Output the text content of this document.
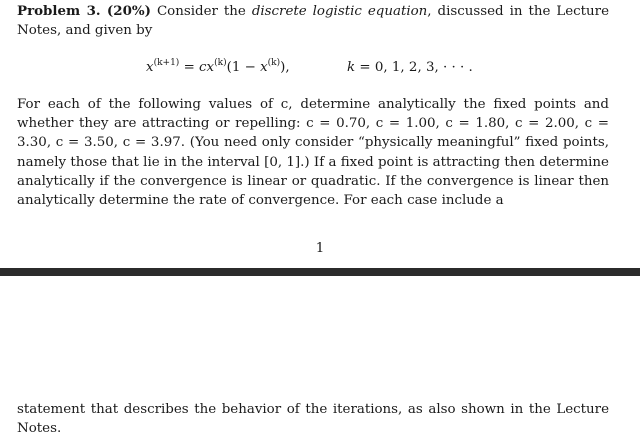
Problem 3. (20%) Consider the discrete logistic equation, discussed in the Lecture Notes, and given by

$x^{(k+1)} = cx^{(k)}(1 - x^{(k)})$,	k = 0, 1, 2, 3, · · · .

For each of the following values of c, determine analytically the fixed points and whether they are attracting or repelling: c = 0.70, c = 1.00, c = 1.80, c = 2.00, c = 3.30, c = 3.50, c = 3.97. (You need only consider “physically meaningful” fixed points, namely those that lie in the interval [0, 1].) If a fixed point is attracting then determine analytically if the convergence is linear or quadratic. If the convergence is linear then analytically determine the rate of convergence. For each case include a

1

statement that describes the behavior of the iterations, as also shown in the Lecture Notes.
